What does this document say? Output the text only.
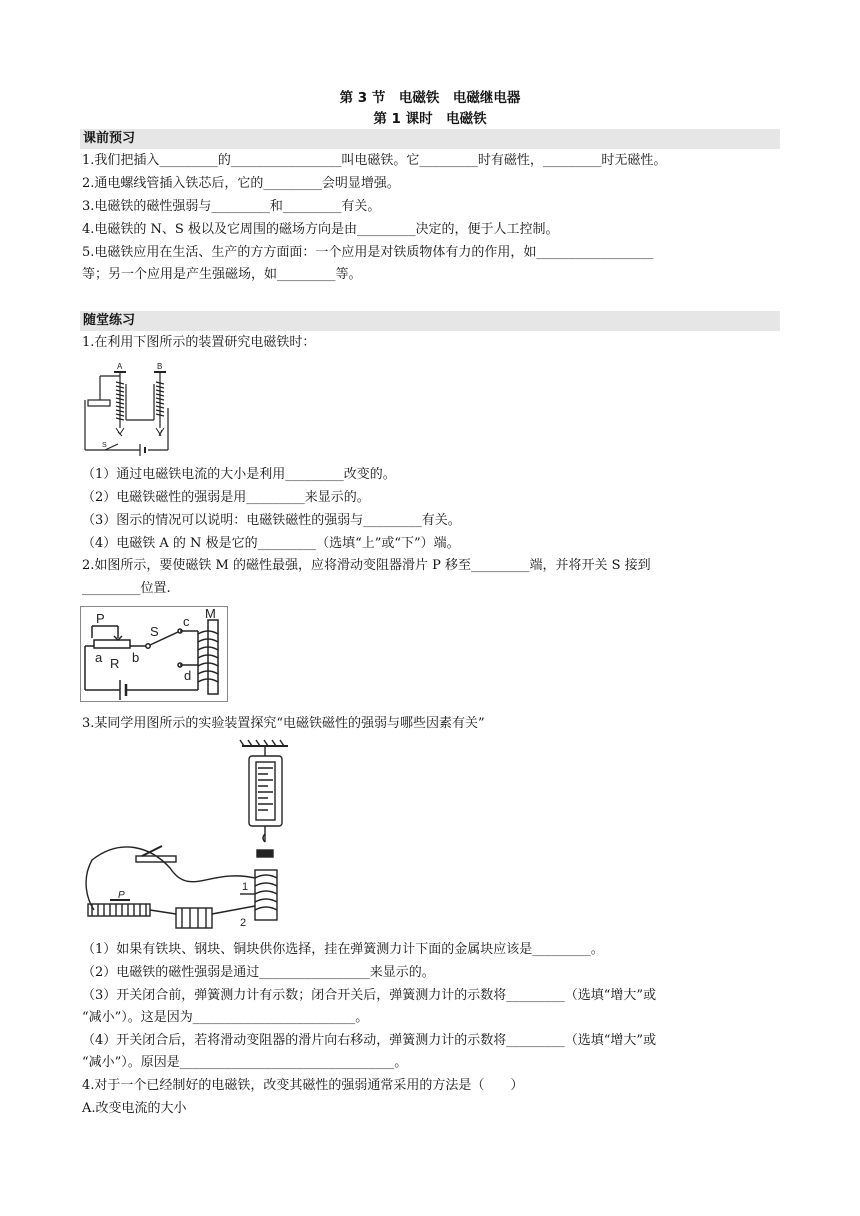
第 3 节　电磁铁　电磁继电器
第 1 课时　电磁铁
课前预习
1.我们把插入_________的_________________叫电磁铁。它_________时有磁性，_________时无磁性。
2.通电螺线管插入铁芯后，它的_________会明显增强。
3.电磁铁的磁性强弱与_________和_________有关。
4.电磁铁的 N、S 极以及它周围的磁场方向是由_________决定的，便于人工控制。
5.电磁铁应用在生活、生产的方方面面：一个应用是对铁质物体有力的作用，如__________________
等；另一个应用是产生强磁场，如_________等。
随堂练习
1.在利用下图所示的装置研究电磁铁时：
A	B
S
（1）通过电磁铁电流的大小是利用_________改变的。
（2）电磁铁磁性的强弱是用_________来显示的。
（3）图示的情况可以说明：电磁铁磁性的强弱与_________有关。
（4）电磁铁 A 的 N 极是它的_________（选填“上”或“下”）端。
2.如图所示，要使磁铁 M 的磁性最强，应将滑动变阻器滑片 P 移至_________端，并将开关 S 接到
_________位置.
P
S
c
M
a R b
d
3.某同学用图所示的实验装置探究“电磁铁磁性的强弱与哪些因素有关”
1
2
P
（1）如果有铁块、钢块、铜块供你选择，挂在弹簧测力计下面的金属块应该是_________。
（2）电磁铁的磁性强弱是通过_________________来显示的。
（3）开关闭合前，弹簧测力计有示数；闭合开关后，弹簧测力计的示数将_________（选填“增大”或
“减小”）。这是因为_________________________。
（4）开关闭合后，若将滑动变阻器的滑片向右移动，弹簧测力计的示数将_________（选填“增大”或
“减小”）。原因是_________________________________。
4.对于一个已经制好的电磁铁，改变其磁性的强弱通常采用的方法是（　　）
A.改变电流的大小
